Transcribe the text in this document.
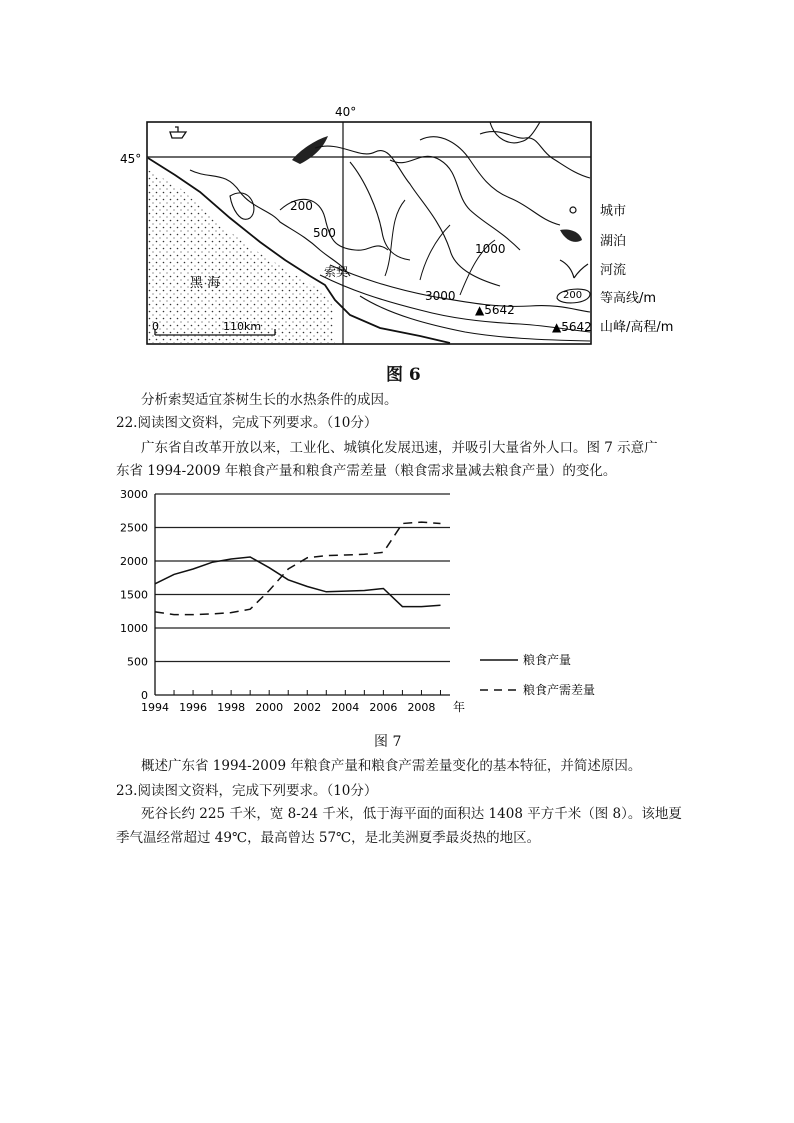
45°
40°
黑 海
索契
200
500
1000
3000
▲5642
0	110km
城市
湖泊
河流
200 等高线/m
▲5642 山峰/高程/m
图 6
分析索契适宜茶树生长的水热条件的成因。
22.阅读图文资料，完成下列要求。（10分）
广东省自改革开放以来，工业化、城镇化发展迅速，并吸引大量省外人口。图 7 示意广
东省 1994-2009 年粮食产量和粮食产需差量（粮食需求量减去粮食产量）的变化。
0
500
1000
1500
2000
2500
3000
1994 1996 1998 2000 2002 2004 2006 2008 年
粮食产量
粮食产需差量
图 7
概述广东省 1994-2009 年粮食产量和粮食产需差量变化的基本特征，并简述原因。
23.阅读图文资料，完成下列要求。（10分）
死谷长约 225 千米，宽 8-24 千米，低于海平面的面积达 1408 平方千米（图 8）。该地夏
季气温经常超过 49℃，最高曾达 57℃，是北美洲夏季最炎热的地区。
